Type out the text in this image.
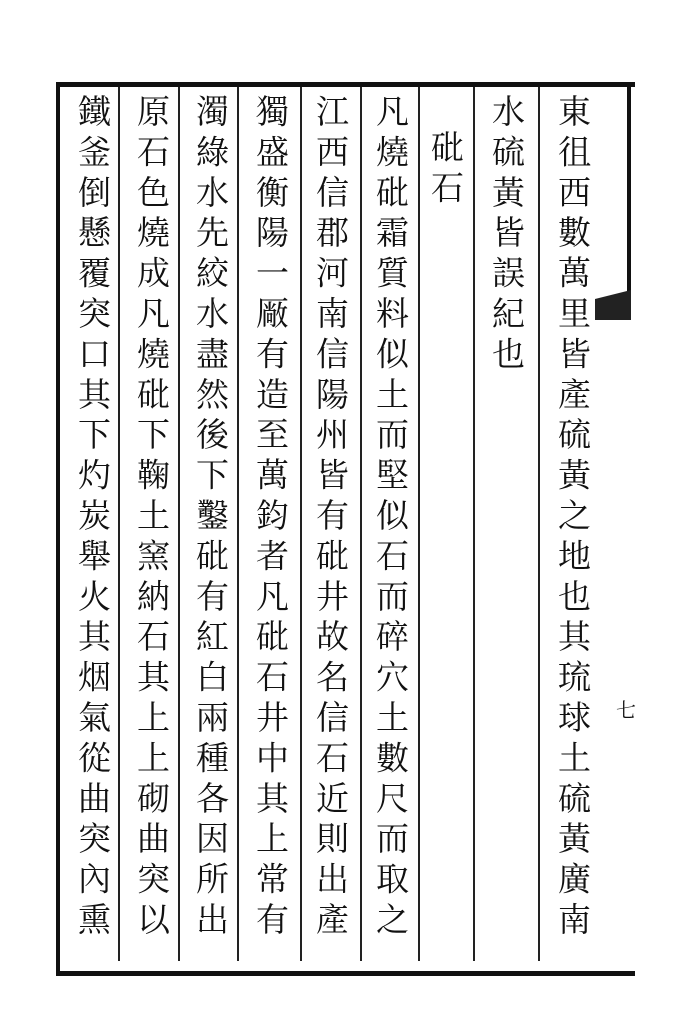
七
東徂西數萬里皆產硫黃之地也其琉球土硫黃廣南
水硫黃皆誤紀也
砒石
凡燒砒霜質料似土而堅似石而碎穴土數尺而取之
江西信郡河南信陽州皆有砒井故名信石近則出產
獨盛衡陽一厰有造至萬鈞者凡砒石井中其上常有
濁綠水先絞水盡然後下鑿砒有紅白兩種各因所出
原石色燒成凡燒砒下鞠土窯納石其上上砌曲突以
鐵釜倒懸覆突口其下灼炭舉火其烟氣從曲突內熏
